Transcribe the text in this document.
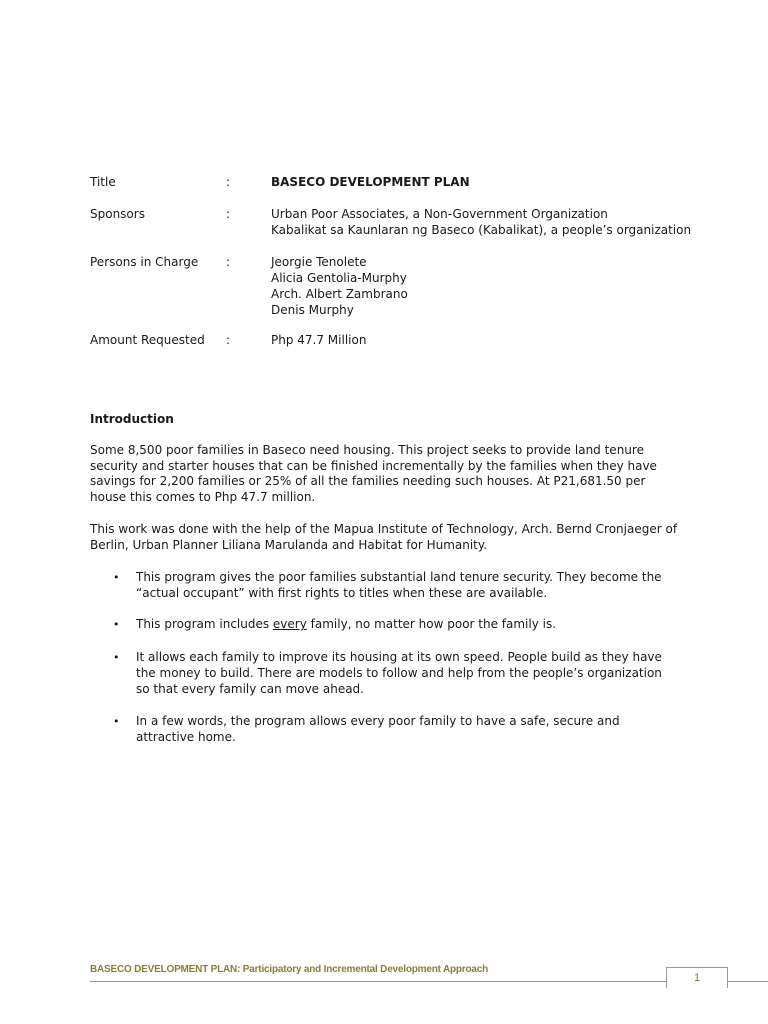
Title	:	BASECO DEVELOPMENT PLAN
Sponsors	:	Urban Poor Associates, a Non-Government Organization
Kabalikat sa Kaunlaran ng Baseco (Kabalikat), a people’s organization
Persons in Charge	:	Jeorgie Tenolete
Alicia Gentolia-Murphy
Arch. Albert Zambrano
Denis Murphy
Amount Requested	:	Php 47.7 Million
Introduction

Some 8,500 poor families in Baseco need housing. This project seeks to provide land tenure security and starter houses that can be finished incrementally by the families when they have savings for 2,200 families or 25% of all the families needing such houses. At P21,681.50 per house this comes to Php 47.7 million.

This work was done with the help of the Mapua Institute of Technology, Arch. Bernd Cronjaeger of Berlin, Urban Planner Liliana Marulanda and Habitat for Humanity.

• This program gives the poor families substantial land tenure security. They become the “actual occupant” with first rights to titles when these are available.
• This program includes every family, no matter how poor the family is.
• It allows each family to improve its housing at its own speed. People build as they have the money to build. There are models to follow and help from the people’s organization so that every family can move ahead.
• In a few words, the program allows every poor family to have a safe, secure and attractive home.
BASECO DEVELOPMENT PLAN: Participatory and Incremental Development Approach
1
